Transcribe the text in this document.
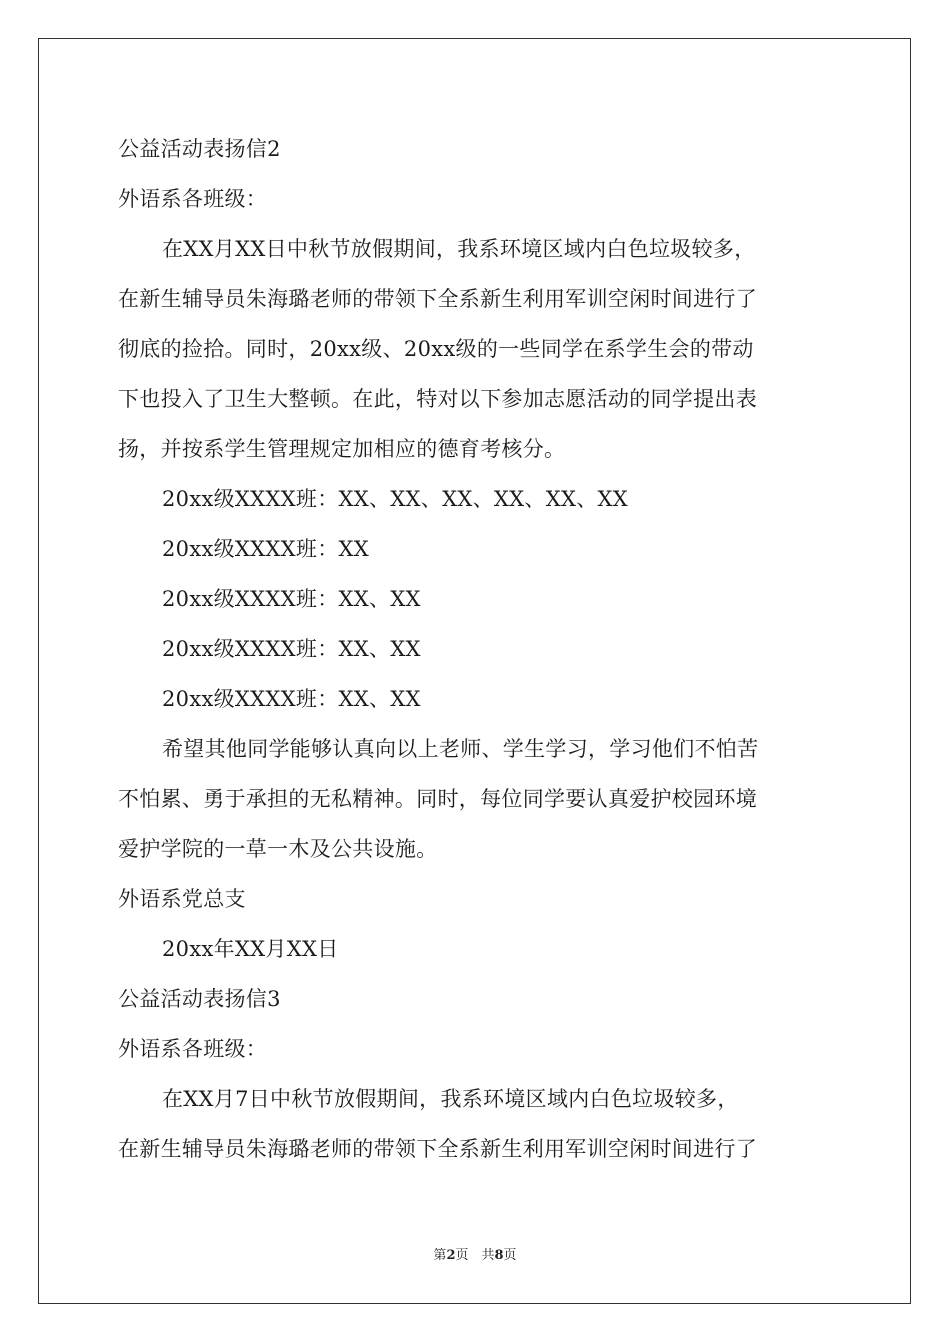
公益活动表扬信2
外语系各班级：
在XX月XX日中秋节放假期间，我系环境区域内白色垃圾较多，
在新生辅导员朱海璐老师的带领下全系新生利用军训空闲时间进行了
彻底的捡拾。同时，20xx级、20xx级的一些同学在系学生会的带动
下也投入了卫生大整顿。在此，特对以下参加志愿活动的同学提出表
扬，并按系学生管理规定加相应的德育考核分。
20xx级XXXX班：XX、XX、XX、XX、XX、XX
20xx级XXXX班：XX
20xx级XXXX班：XX、XX
20xx级XXXX班：XX、XX
20xx级XXXX班：XX、XX
希望其他同学能够认真向以上老师、学生学习，学习他们不怕苦
不怕累、勇于承担的无私精神。同时，每位同学要认真爱护校园环境
爱护学院的一草一木及公共设施。
外语系党总支
20xx年XX月XX日
公益活动表扬信3
外语系各班级：
在XX月7日中秋节放假期间，我系环境区域内白色垃圾较多，
在新生辅导员朱海璐老师的带领下全系新生利用军训空闲时间进行了
第2页　共8页
